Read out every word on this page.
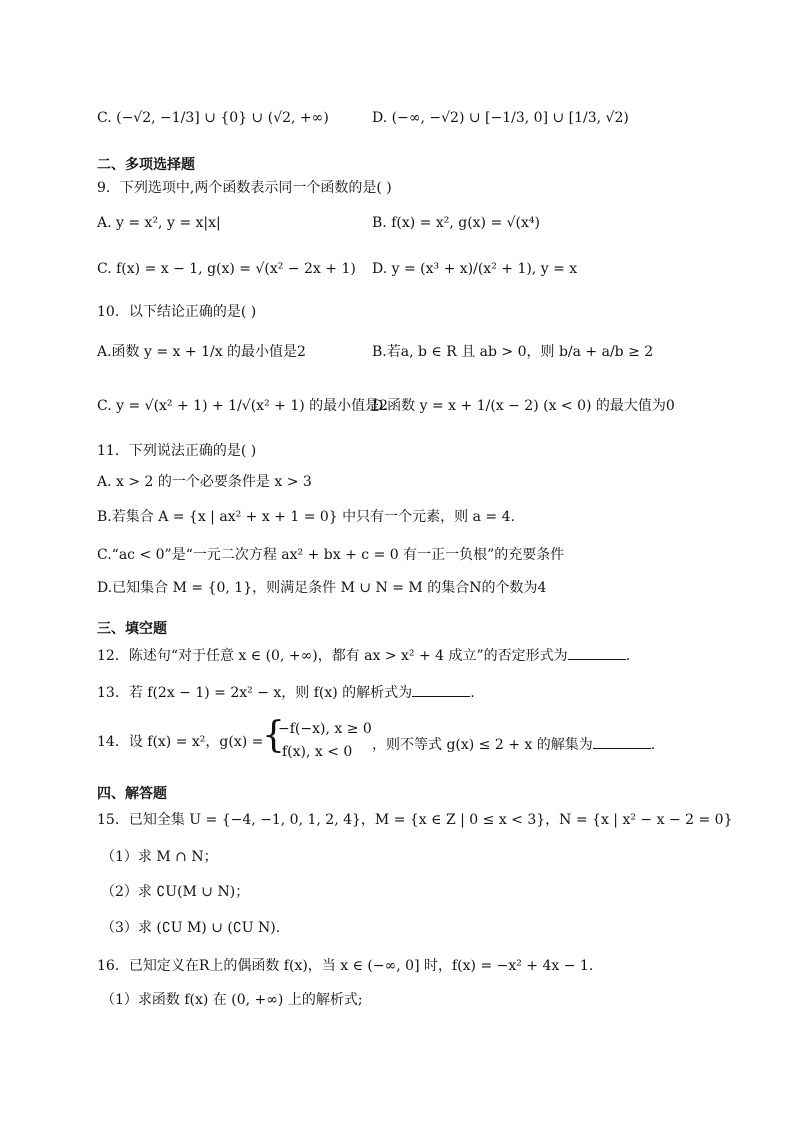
C. (−√2, −1/3] ∪ {0} ∪ (√2, +∞)	D. (−∞, −√2) ∪ [−1/3, 0] ∪ [1/3, √2)
二、多项选择题
9．下列选项中,两个函数表示同一个函数的是( )
A. y = x², y = x|x|	B. f(x) = x², g(x) = √(x⁴)
C. f(x) = x − 1, g(x) = √(x² − 2x + 1) D. y = (x³ + x)/(x² + 1), y = x
10．以下结论正确的是( )
A.函数 y = x + 1/x 的最小值是2	B.若a, b ∈ R 且 ab > 0，则 b/a + a/b ≥ 2
C. y = √(x² + 1) + 1/√(x² + 1) 的最小值是2
D.函数 y = x + 1/(x − 2) (x < 0) 的最大值为0
11．下列说法正确的是( )
A. x > 2 的一个必要条件是 x > 3
B.若集合 A = {x | ax² + x + 1 = 0} 中只有一个元素，则 a = 4.
C.“ac < 0”是“一元二次方程 ax² + bx + c = 0 有一正一负根”的充要条件
D.已知集合 M = {0, 1}，则满足条件 M ∪ N = M 的集合N的个数为4
三、填空题
12．陈述句“对于任意 x ∈ (0, +∞)，都有 ax > x² + 4 成立”的否定形式为	.
13．若 f(2x − 1) = 2x² − x，则 f(x) 的解析式为	.
14．设 f(x) = x²，g(x) =
{
−f(−x), x ≥ 0
f(x), x < 0 ，则不等式 g(x) ≤ 2 + x 的解集为	.
四、解答题
15．已知全集 U = {−4, −1, 0, 1, 2, 4}，M = {x ∈ Z | 0 ≤ x < 3}，N = {x | x² − x − 2 = 0}
（1）求 M ∩ N；
（2）求 ∁U(M ∪ N)；
（3）求 (∁U M) ∪ (∁U N).
16．已知定义在R上的偶函数 f(x)，当 x ∈ (−∞, 0] 时，f(x) = −x² + 4x − 1.
（1）求函数 f(x) 在 (0, +∞) 上的解析式;
